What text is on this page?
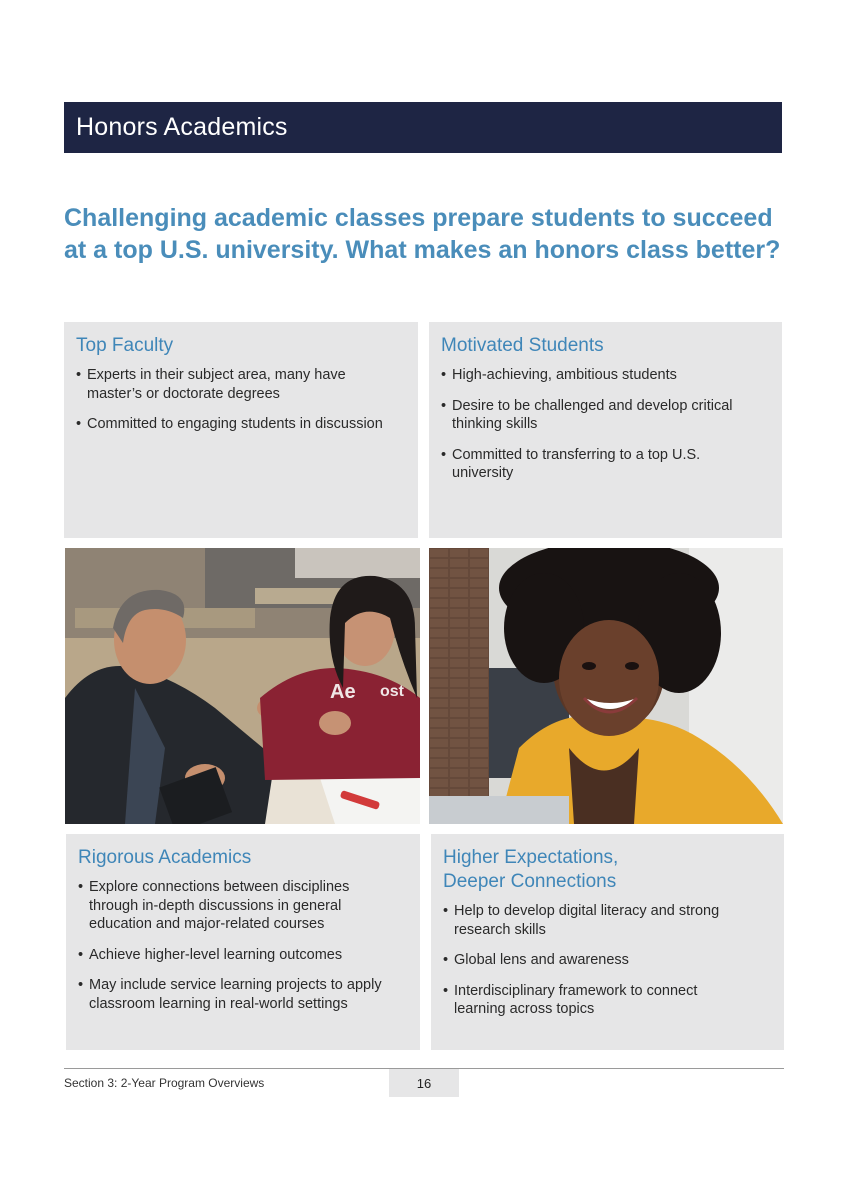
Honors Academics

Challenging academic classes prepare students to succeed at a top U.S. university. What makes an honors class better?

Top Faculty
• Experts in their subject area, many have master’s or doctorate degrees
• Committed to engaging students in discussion
Motivated Students
• High-achieving, ambitious students
• Desire to be challenged and develop critical thinking skills
• Committed to transferring to a top U.S. university
Ae ost
Rigorous Academics
• Explore connections between disciplines through in-depth discussions in general education and major-related courses
• Achieve higher-level learning outcomes
• May include service learning projects to apply classroom learning in real-world settings
Higher Expectations,
Deeper Connections
• Help to develop digital literacy and strong research skills
• Global lens and awareness
• Interdisciplinary framework to connect learning across topics
Section 3: 2-Year Program Overviews	16
